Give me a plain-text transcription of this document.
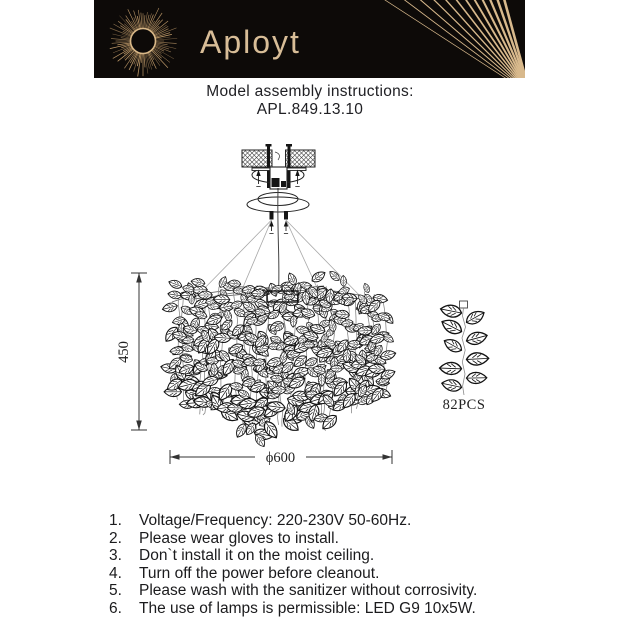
Aployt
Model assembly instructions:
APL.849.13.10
450
ϕ600
82PCS
1.	Voltage/Frequency: 220-230V 50-60Hz.
2.	Please wear gloves to install.
3.	Don`t install it on the moist ceiling.
4.	Turn off the power before cleanout.
5.	Please wash with the sanitizer without corrosivity.
6.	The use of lamps is permissible: LED G9 10x5W.
